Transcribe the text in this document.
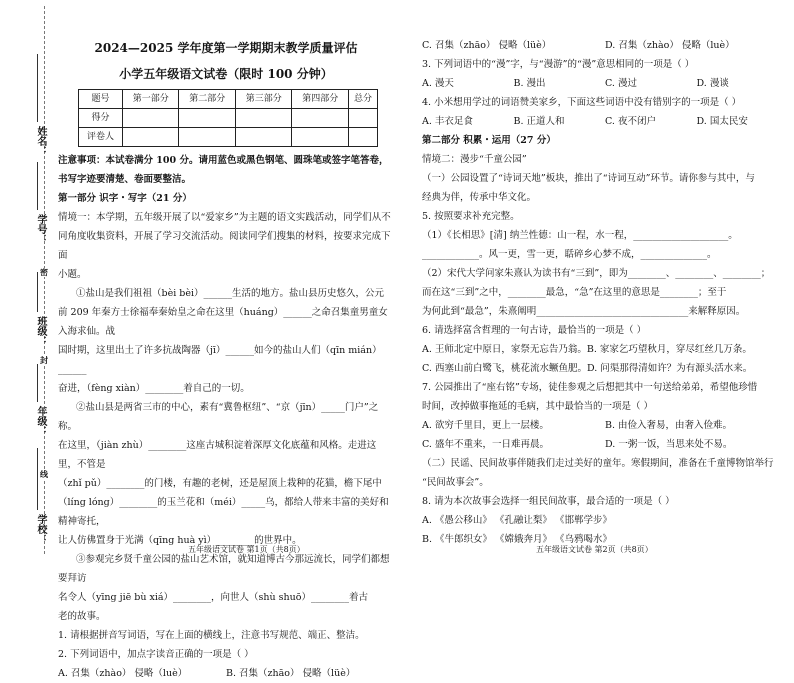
姓名：
学号：
密
班级：
封
年级：
线
学校：
2024—2025 学年度第一学期期末教学质量评估
小学五年级语文试卷（限时 100 分钟）
题号	第一部分	第二部分	第三部分	第四部分	总分
得分					
评卷人					
注意事项：本试卷满分 100 分。请用蓝色或黑色钢笔、圆珠笔或签字笔答卷，
书写字迹要清楚、卷面要整洁。
第一部分 识字・写字（21 分）
情境一：本学期，五年级开展了以“爱家乡”为主题的语文实践活动，同学们从不
同角度收集资料，开展了学习交流活动。阅读同学们搜集的材料，按要求完成下面
小题。
①盐山是我们祖祖（bèi bèi）______生活的地方。盐山县历史悠久，公元
前 209 年秦方士徐福奉秦始皇之命在这里（huáng）______之命召集童男童女入海求仙。战
国时期，这里出土了许多抗战陶器（jī）______如今的盐山人们（qīn mián）______
奋进，（fèng xiàn）________着自己的一切。
②盐山县是两省三市的中心，素有“冀鲁枢纽”、“京（jīn）_____门户”之称。
在这里，（jiàn zhù）________这座古城积淀着深厚文化底蕴和风格。走进这里，不管是
（zhǐ pǔ）________的门楼，有趣的老树，还是屋顶上栽种的花猫，檐下尾中
（líng lóng）________的玉兰花和（méi）_____乌，都给人带来丰富的美好和精神寄托，
让人仿佛置身于光满（qīng huà yì）________的世界中。
③参观完乡贤千童公园的盐山艺术馆，就知道博古今那远流长，同学们都想要拜访
名令人（yīng jiē bù xiá）________，向世人（shù shuō）________着古
老的故事。
1. 请根据拼音写词语，写在上面的横线上，注意书写规范、端正、整洁。
2. 下列词语中，加点字读音正确的一项是（ ）
A. 召集（zhào） 侵略（luè）	B. 召集（zhāo） 侵略（lüè）
五年级语文试卷 第1页（共8页）
C. 召集（zhāo） 侵略（lüè）	D. 召集（zhào） 侵略（luè）
3. 下列词语中的“漫”字，与“漫游”的“漫”意思相同的一项是（ ）
A. 漫天	B. 漫出	C. 漫过	D. 漫谈
4. 小米想用学过的词语赞美家乡，下面这些词语中没有错别字的一项是（ ）
A. 丰衣足食	B. 正道人和	C. 夜不闭户	D. 国太民安
第二部分 积累・运用（27 分）
情境二：漫步“千童公园”
（一）公园设置了“诗词天地”板块，推出了“诗词互动”环节。请你参与其中，与
经典为伴，传承中华文化。
5. 按照要求补充完整。
（1）《长相思》[清] 纳兰性德：山一程，水一程，____________________。
____________。风一更，雪一更，聒碎乡心梦不成，______________。
（2）宋代大学问家朱熹认为读书有“三到”，即为________、________、________；
而在这“三到”之中，________最急，“急”在这里的意思是________；至于
为何此到“最急”，朱熹阐明________________________________来解释原因。
6. 请选择富含哲理的一句古诗，最恰当的一项是（ ）
A. 王师北定中原日，家祭无忘告乃翁。B. 家家乞巧望秋月，穿尽红丝几万条。
C. 西塞山前白鹭飞，桃花流水鳜鱼肥。D. 问渠那得清如许？为有源头活水来。
7. 公园推出了“座右铭”专场，徒佳参观之后想把其中一句送给弟弟，希望他珍惜
时间，改掉做事拖延的毛病，其中最恰当的一项是（ ）
A. 欲穷千里目，更上一层楼。	B. 由俭入奢易，由奢入俭难。
C. 盛年不重来，一日难再晨。	D. 一粥一饭，当思来处不易。
（二）民谣、民间故事伴随我们走过美好的童年。寒假期间，准备在千童博物馆举行
“民间故事会”。
8. 请为本次故事会选择一组民间故事，最合适的一项是（ ）
A. 《愚公移山》 《孔融让梨》 《邯郸学步》
B. 《牛郎织女》 《嫦娥奔月》 《乌鸦喝水》
五年级语文试卷 第2页（共8页）
